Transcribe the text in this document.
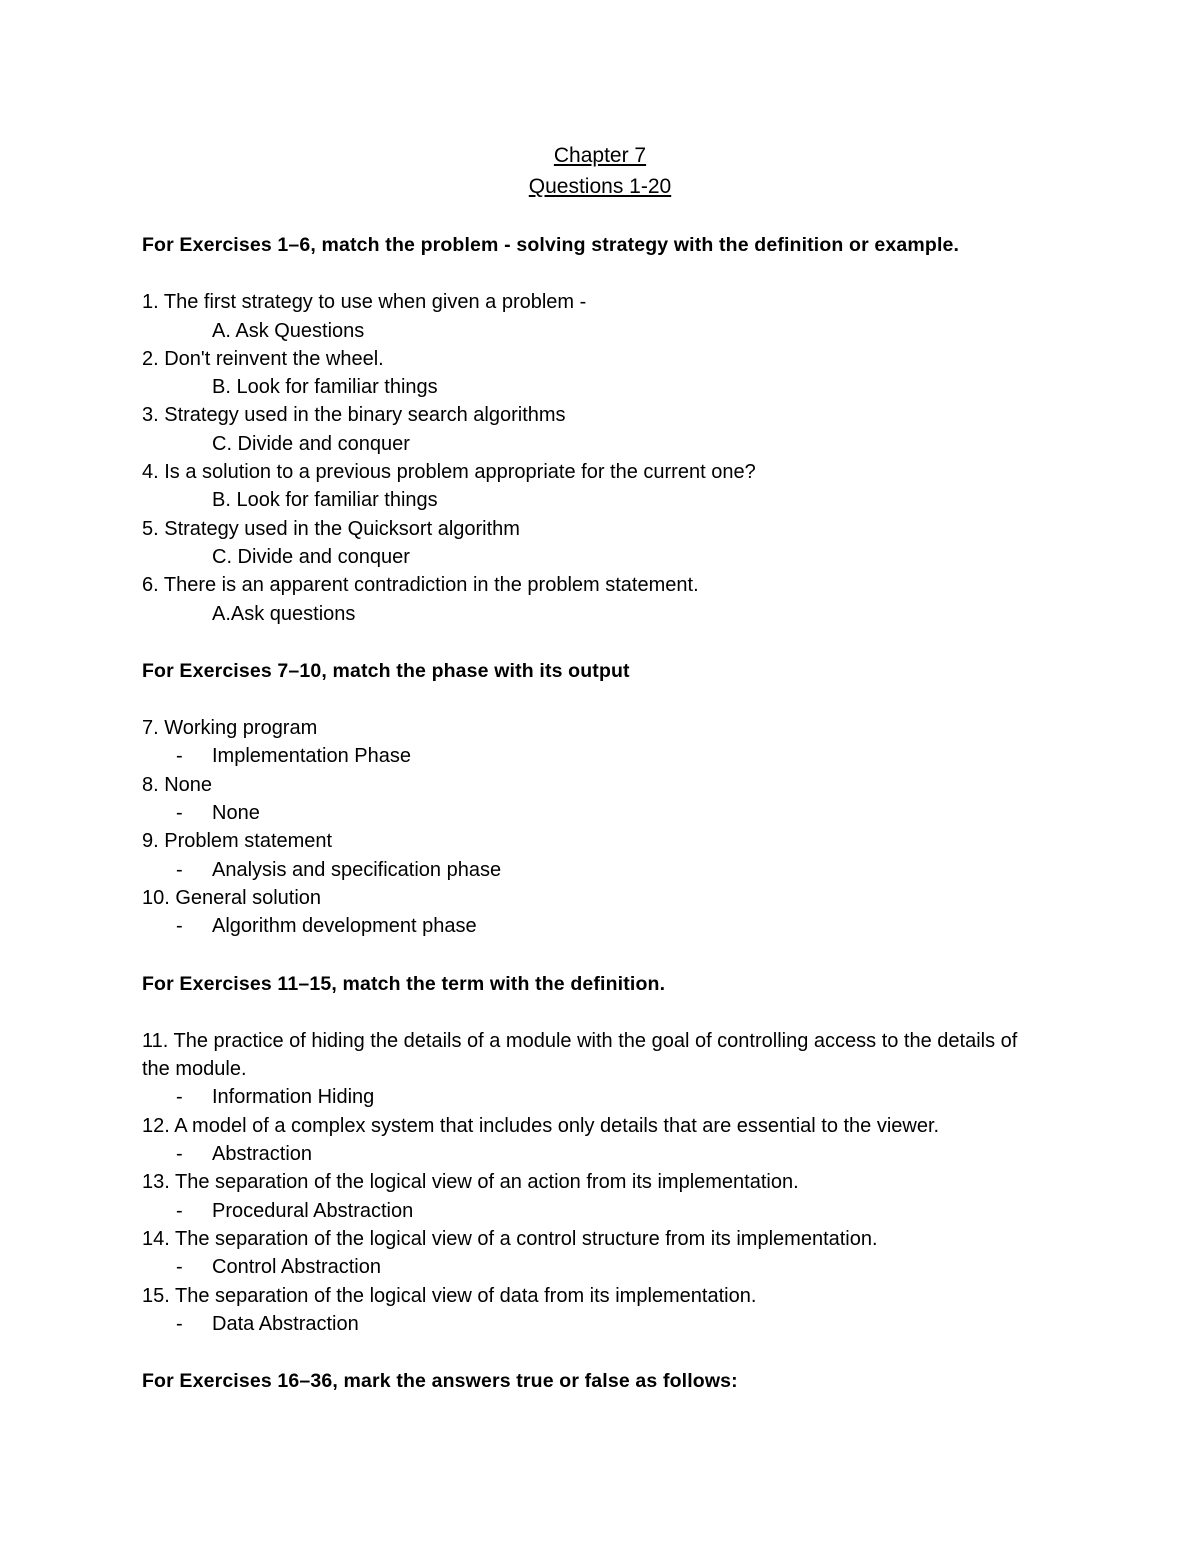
Chapter 7
Questions 1-20

For Exercises 1–6, match the problem - solving strategy with the definition or example.

1. The first strategy to use when given a problem -

A. Ask Questions

2. Don't reinvent the wheel.

B. Look for familiar things

3. Strategy used in the binary search algorithms

C. Divide and conquer

4. Is a solution to a previous problem appropriate for the current one?

B. Look for familiar things

5. Strategy used in the Quicksort algorithm

C. Divide and conquer

6. There is an apparent contradiction in the problem statement.

A.Ask questions

For Exercises 7–10, match the phase with its output

7. Working program

- Implementation Phase

8. None

- None

9. Problem statement

- Analysis and specification phase

10. General solution

- Algorithm development phase

For Exercises 11–15, match the term with the definition.

11. The practice of hiding the details of a module with the goal of controlling access to the details of the module.

- Information Hiding

12. A model of a complex system that includes only details that are essential to the viewer.

- Abstraction

13. The separation of the logical view of an action from its implementation.

- Procedural Abstraction

14. The separation of the logical view of a control structure from its implementation.

- Control Abstraction

15. The separation of the logical view of data from its implementation.

- Data Abstraction

For Exercises 16–36, mark the answers true or false as follows:
